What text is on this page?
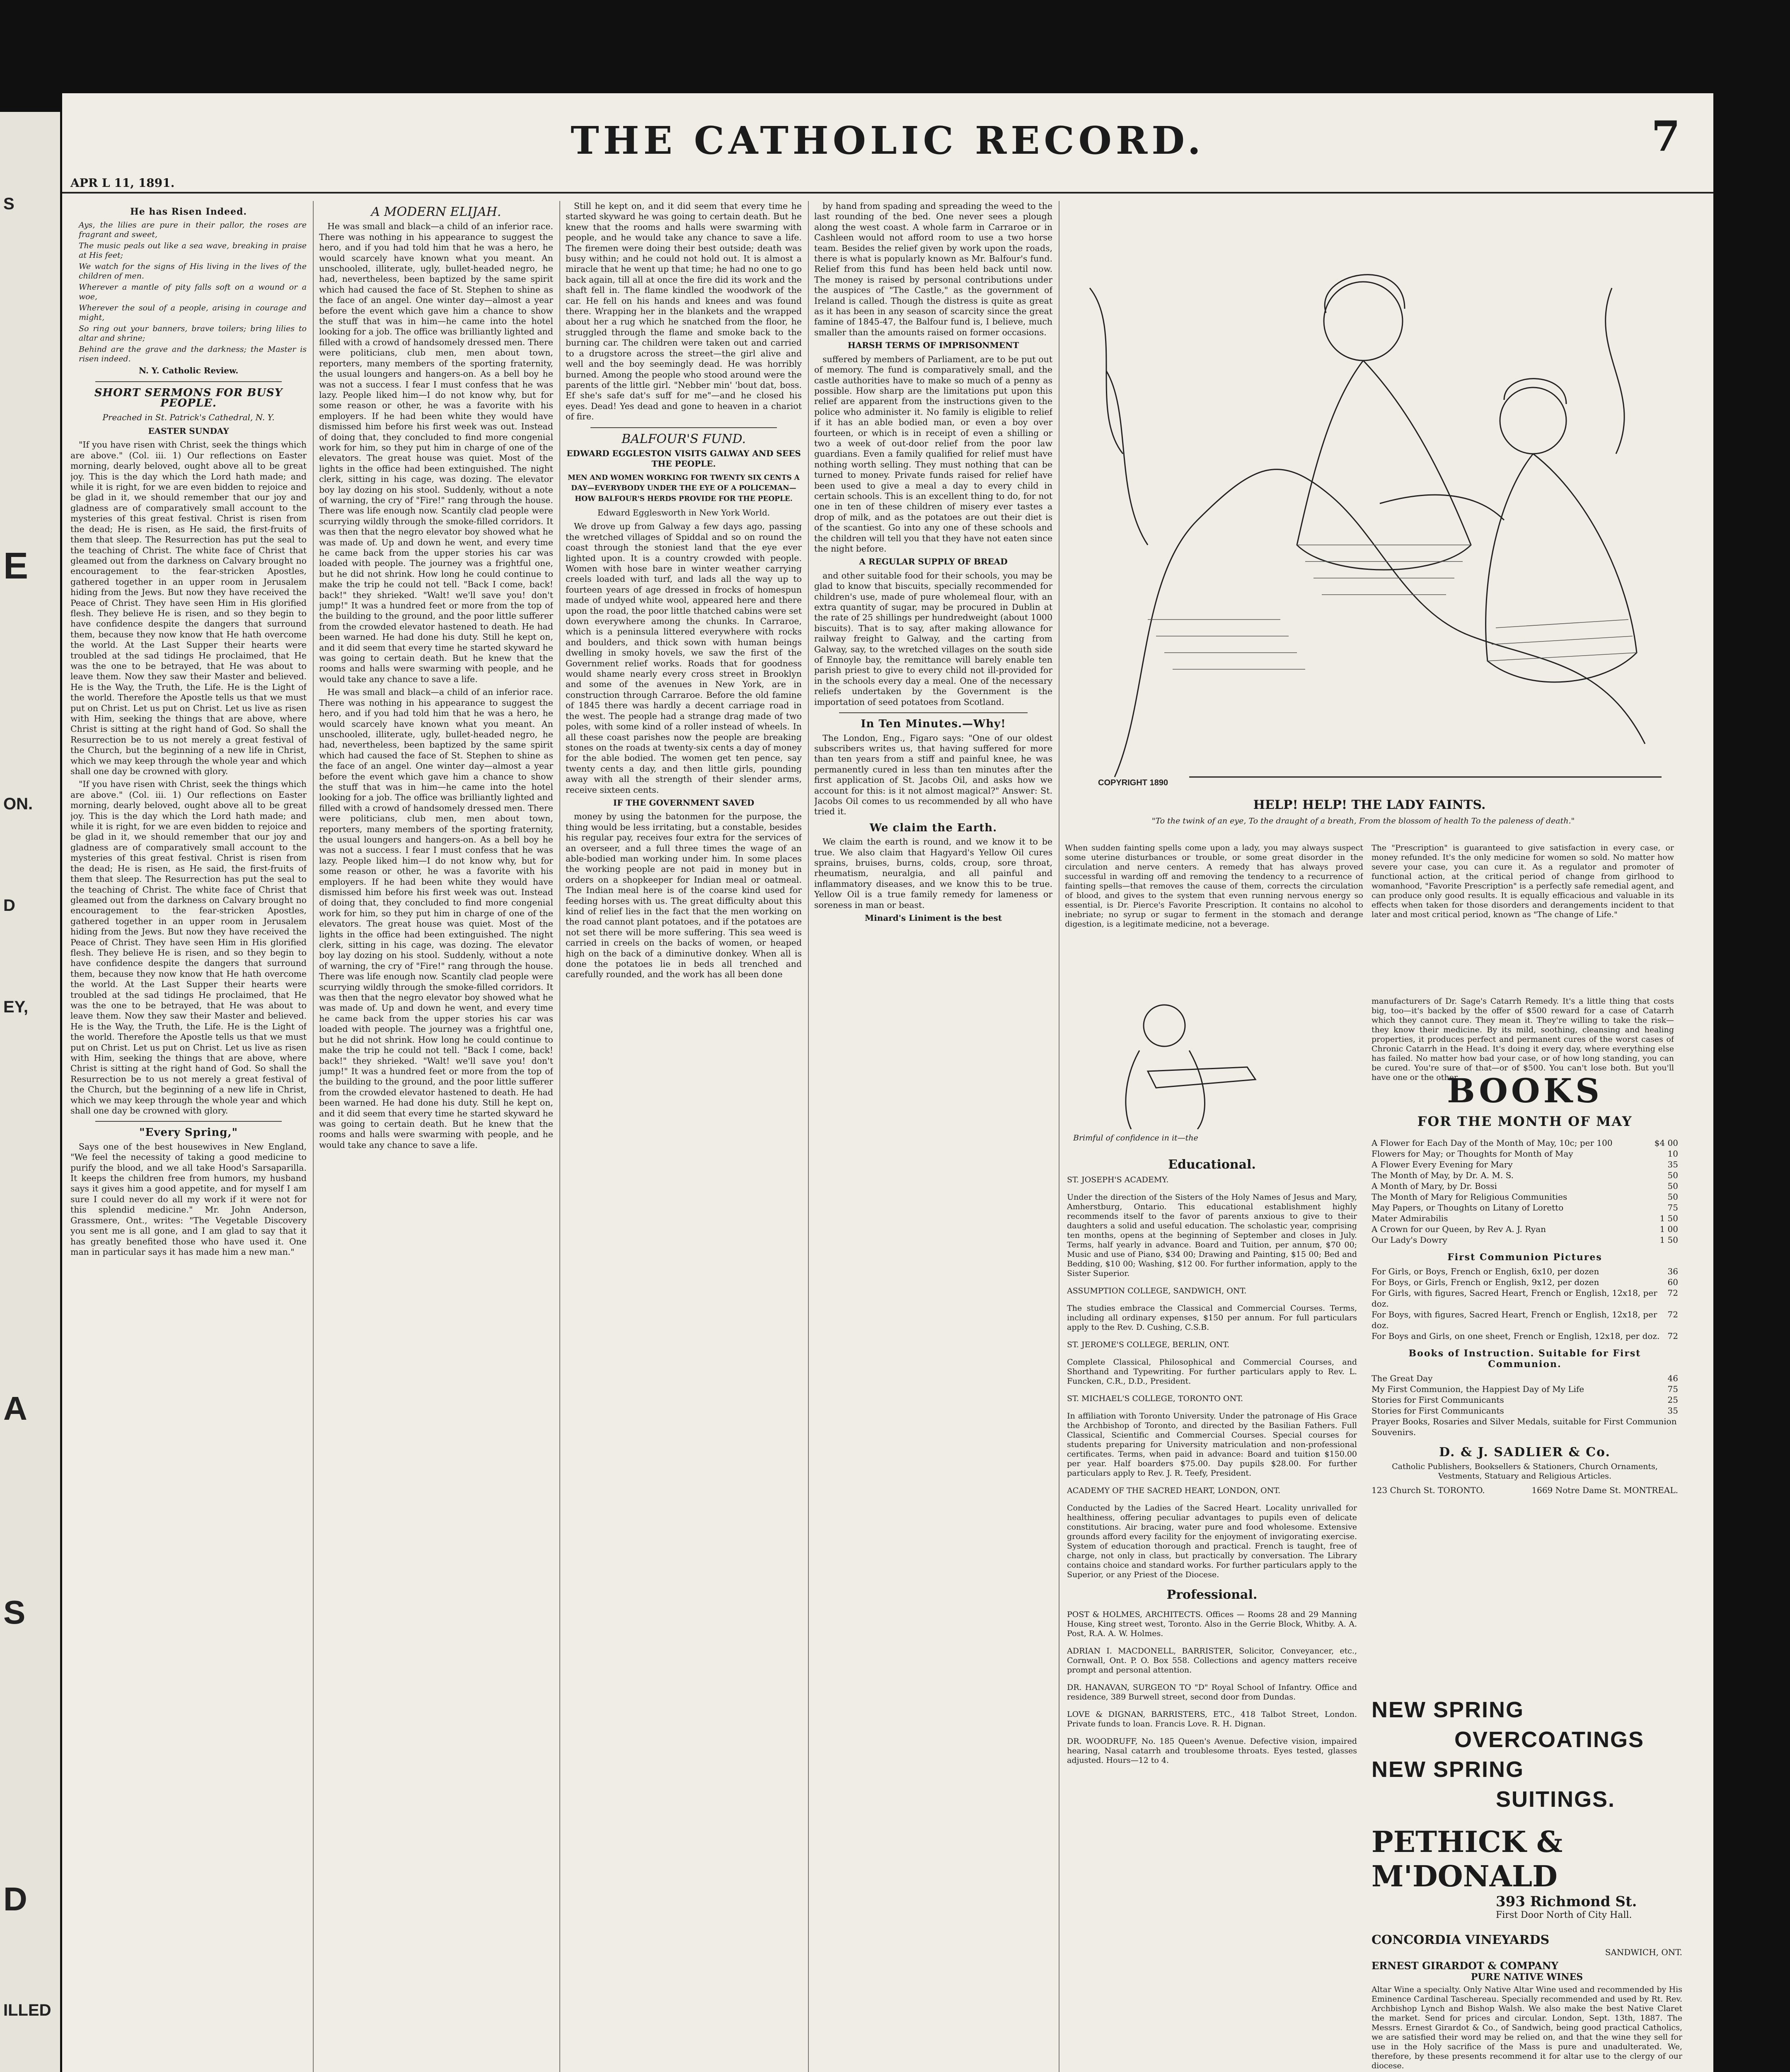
APR L 11, 1891.
THE CATHOLIC RECORD.	7
He has Risen Indeed.
Ays, the lilies are pure in their pallor, the roses are fragrant and sweet,
The music peals out like a sea wave, breaking in praise at His feet;
We watch for the signs of His living in the lives of the children of men.
Wherever a mantle of pity falls soft on a wound or a woe,
Wherever the soul of a people, arising in courage and might,
So ring out your banners, brave toilers; bring lilies to altar and shrine;
Behind are the grave and the darkness; the Master is risen indeed.
N. Y. Catholic Review.
SHORT SERMONS FOR BUSY PEOPLE.
Preached in St. Patrick's Cathedral, N. Y.
EASTER SUNDAY

"If you have risen with Christ, seek the things which are above." (Col. iii. 1) Our reflections on Easter morning, dearly beloved, ought above all to be great joy. This is the day which the Lord hath made; and while it is right, for we are even bidden to rejoice and be glad in it, we should remember that our joy and gladness are of comparatively small account to the mysteries of this great festival. Christ is risen from the dead; He is risen, as He said, the first-fruits of them that sleep. The Resurrection has put the seal to the teaching of Christ. The white face of Christ that gleamed out from the darkness on Calvary brought no encouragement to the fear-stricken Apostles, gathered together in an upper room in Jerusalem hiding from the Jews. But now they have received the Peace of Christ. They have seen Him in His glorified flesh. They believe He is risen, and so they begin to have confidence despite the dangers that surround them, because they now know that He hath overcome the world. At the Last Supper their hearts were troubled at the sad tidings He proclaimed, that He was the one to be betrayed, that He was about to leave them. Now they saw their Master and believed. He is the Way, the Truth, the Life. He is the Light of the world. Therefore the Apostle tells us that we must put on Christ. Let us put on Christ. Let us live as risen with Him, seeking the things that are above, where Christ is sitting at the right hand of God. So shall the Resurrection be to us not merely a great festival of the Church, but the beginning of a new life in Christ, which we may keep through the whole year and which shall one day be crowned with glory.

"If you have risen with Christ, seek the things which are above." (Col. iii. 1) Our reflections on Easter morning, dearly beloved, ought above all to be great joy. This is the day which the Lord hath made; and while it is right, for we are even bidden to rejoice and be glad in it, we should remember that our joy and gladness are of comparatively small account to the mysteries of this great festival. Christ is risen from the dead; He is risen, as He said, the first-fruits of them that sleep. The Resurrection has put the seal to the teaching of Christ. The white face of Christ that gleamed out from the darkness on Calvary brought no encouragement to the fear-stricken Apostles, gathered together in an upper room in Jerusalem hiding from the Jews. But now they have received the Peace of Christ. They have seen Him in His glorified flesh. They believe He is risen, and so they begin to have confidence despite the dangers that surround them, because they now know that He hath overcome the world. At the Last Supper their hearts were troubled at the sad tidings He proclaimed, that He was the one to be betrayed, that He was about to leave them. Now they saw their Master and believed. He is the Way, the Truth, the Life. He is the Light of the world. Therefore the Apostle tells us that we must put on Christ. Let us put on Christ. Let us live as risen with Him, seeking the things that are above, where Christ is sitting at the right hand of God. So shall the Resurrection be to us not merely a great festival of the Church, but the beginning of a new life in Christ, which we may keep through the whole year and which shall one day be crowned with glory.

"Every Spring,"

Says one of the best housewives in New England, "We feel the necessity of taking a good medicine to purify the blood, and we all take Hood's Sarsaparilla. It keeps the children free from humors, my husband says it gives him a good appetite, and for myself I am sure I could never do all my work if it were not for this splendid medicine." Mr. John Anderson, Grassmere, Ont., writes: "The Vegetable Discovery you sent me is all gone, and I am glad to say that it has greatly benefited those who have used it. One man in particular says it has made him a new man."

A MODERN ELIJAH.

He was small and black—a child of an inferior race. There was nothing in his appearance to suggest the hero, and if you had told him that he was a hero, he would scarcely have known what you meant. An unschooled, illiterate, ugly, bullet-headed negro, he had, nevertheless, been baptized by the same spirit which had caused the face of St. Stephen to shine as the face of an angel. One winter day—almost a year before the event which gave him a chance to show the stuff that was in him—he came into the hotel looking for a job. The office was brilliantly lighted and filled with a crowd of handsomely dressed men. There were politicians, club men, men about town, reporters, many members of the sporting fraternity, the usual loungers and hangers-on. As a bell boy he was not a success. I fear I must confess that he was lazy. People liked him—I do not know why, but for some reason or other, he was a favorite with his employers. If he had been white they would have dismissed him before his first week was out. Instead of doing that, they concluded to find more congenial work for him, so they put him in charge of one of the elevators. The great house was quiet. Most of the lights in the office had been extinguished. The night clerk, sitting in his cage, was dozing. The elevator boy lay dozing on his stool. Suddenly, without a note of warning, the cry of "Fire!" rang through the house. There was life enough now. Scantily clad people were scurrying wildly through the smoke-filled corridors. It was then that the negro elevator boy showed what he was made of. Up and down he went, and every time he came back from the upper stories his car was loaded with people. The journey was a frightful one, but he did not shrink. How long he could continue to make the trip he could not tell. "Back I come, back! back!" they shrieked. "Walt! we'll save you! don't jump!" It was a hundred feet or more from the top of the building to the ground, and the poor little sufferer from the crowded elevator hastened to death. He had been warned. He had done his duty. Still he kept on, and it did seem that every time he started skyward he was going to certain death. But he knew that the rooms and halls were swarming with people, and he would take any chance to save a life.

He was small and black—a child of an inferior race. There was nothing in his appearance to suggest the hero, and if you had told him that he was a hero, he would scarcely have known what you meant. An unschooled, illiterate, ugly, bullet-headed negro, he had, nevertheless, been baptized by the same spirit which had caused the face of St. Stephen to shine as the face of an angel. One winter day—almost a year before the event which gave him a chance to show the stuff that was in him—he came into the hotel looking for a job. The office was brilliantly lighted and filled with a crowd of handsomely dressed men. There were politicians, club men, men about town, reporters, many members of the sporting fraternity, the usual loungers and hangers-on. As a bell boy he was not a success. I fear I must confess that he was lazy. People liked him—I do not know why, but for some reason or other, he was a favorite with his employers. If he had been white they would have dismissed him before his first week was out. Instead of doing that, they concluded to find more congenial work for him, so they put him in charge of one of the elevators. The great house was quiet. Most of the lights in the office had been extinguished. The night clerk, sitting in his cage, was dozing. The elevator boy lay dozing on his stool. Suddenly, without a note of warning, the cry of "Fire!" rang through the house. There was life enough now. Scantily clad people were scurrying wildly through the smoke-filled corridors. It was then that the negro elevator boy showed what he was made of. Up and down he went, and every time he came back from the upper stories his car was loaded with people. The journey was a frightful one, but he did not shrink. How long he could continue to make the trip he could not tell. "Back I come, back! back!" they shrieked. "Walt! we'll save you! don't jump!" It was a hundred feet or more from the top of the building to the ground, and the poor little sufferer from the crowded elevator hastened to death. He had been warned. He had done his duty. Still he kept on, and it did seem that every time he started skyward he was going to certain death. But he knew that the rooms and halls were swarming with people, and he would take any chance to save a life.

Still he kept on, and it did seem that every time he started skyward he was going to certain death. But he knew that the rooms and halls were swarming with people, and he would take any chance to save a life. The firemen were doing their best outside; death was busy within; and he could not hold out. It is almost a miracle that he went up that time; he had no one to go back again, till all at once the fire did its work and the shaft fell in. The flame kindled the woodwork of the car. He fell on his hands and knees and was found there. Wrapping her in the blankets and the wrapped about her a rug which he snatched from the floor, he struggled through the flame and smoke back to the burning car. The children were taken out and carried to a drugstore across the street—the girl alive and well and the boy seemingly dead. He was horribly burned. Among the people who stood around were the parents of the little girl. "Nebber min' 'bout dat, boss. Ef she's safe dat's suff for me"—and he closed his eyes. Dead! Yes dead and gone to heaven in a chariot of fire.

BALFOUR'S FUND.
EDWARD EGGLESTON VISITS GALWAY AND SEES THE PEOPLE.
MEN AND WOMEN WORKING FOR TWENTY SIX CENTS A DAY—EVERYBODY UNDER THE EYE OF A POLICEMAN—HOW BALFOUR'S HERDS PROVIDE FOR THE PEOPLE.
Edward Egglesworth in New York World.

We drove up from Galway a few days ago, passing the wretched villages of Spiddal and so on round the coast through the stoniest land that the eye ever lighted upon. It is a country crowded with people. Women with hose bare in winter weather carrying creels loaded with turf, and lads all the way up to fourteen years of age dressed in frocks of homespun made of undyed white wool, appeared here and there upon the road, the poor little thatched cabins were set down everywhere among the chunks. In Carraroe, which is a peninsula littered everywhere with rocks and boulders, and thick sown with human beings dwelling in smoky hovels, we saw the first of the Government relief works. Roads that for goodness would shame nearly every cross street in Brooklyn and some of the avenues in New York, are in construction through Carraroe. Before the old famine of 1845 there was hardly a decent carriage road in the west. The people had a strange drag made of two poles, with some kind of a roller instead of wheels. In all these coast parishes now the people are breaking stones on the roads at twenty-six cents a day of money for the able bodied. The women get ten pence, say twenty cents a day, and then little girls, pounding away with all the strength of their slender arms, receive sixteen cents.

IF THE GOVERNMENT SAVED

money by using the batonmen for the purpose, the thing would be less irritating, but a constable, besides his regular pay, receives four extra for the services of an overseer, and a full three times the wage of an able-bodied man working under him. In some places the working people are not paid in money but in orders on a shopkeeper for Indian meal or oatmeal. The Indian meal here is of the coarse kind used for feeding horses with us. The great difficulty about this kind of relief lies in the fact that the men working on the road cannot plant potatoes, and if the potatoes are not set there will be more suffering. This sea weed is carried in creels on the backs of women, or heaped high on the back of a diminutive donkey. When all is done the potatoes lie in beds all trenched and carefully rounded, and the work has all been done

by hand from spading and spreading the weed to the last rounding of the bed. One never sees a plough along the west coast. A whole farm in Carraroe or in Cashleen would not afford room to use a two horse team. Besides the relief given by work upon the roads, there is what is popularly known as Mr. Balfour's fund. Relief from this fund has been held back until now. The money is raised by personal contributions under the auspices of "The Castle," as the government of Ireland is called. Though the distress is quite as great as it has been in any season of scarcity since the great famine of 1845-47, the Balfour fund is, I believe, much smaller than the amounts raised on former occasions.

HARSH TERMS OF IMPRISONMENT

suffered by members of Parliament, are to be put out of memory. The fund is comparatively small, and the castle authorities have to make so much of a penny as possible. How sharp are the limitations put upon this relief are apparent from the instructions given to the police who administer it. No family is eligible to relief if it has an able bodied man, or even a boy over fourteen, or which is in receipt of even a shilling or two a week of out-door relief from the poor law guardians. Even a family qualified for relief must have nothing worth selling. They must nothing that can be turned to money. Private funds raised for relief have been used to give a meal a day to every child in certain schools. This is an excellent thing to do, for not one in ten of these children of misery ever tastes a drop of milk, and as the potatoes are out their diet is of the scantiest. Go into any one of these schools and the children will tell you that they have not eaten since the night before.

A REGULAR SUPPLY OF BREAD

and other suitable food for their schools, you may be glad to know that biscuits, specially recommended for children's use, made of pure wholemeal flour, with an extra quantity of sugar, may be procured in Dublin at the rate of 25 shillings per hundredweight (about 1000 biscuits). That is to say, after making allowance for railway freight to Galway, and the carting from Galway, say, to the wretched villages on the south side of Ennoyle bay, the remittance will barely enable ten parish priest to give to every child not ill-provided for in the schools every day a meal. One of the necessary reliefs undertaken by the Government is the importation of seed potatoes from Scotland.

In Ten Minutes.—Why!

The London, Eng., Figaro says: "One of our oldest subscribers writes us, that having suffered for more than ten years from a stiff and painful knee, he was permanently cured in less than ten minutes after the first application of St. Jacobs Oil, and asks how we account for this: is it not almost magical?" Answer: St. Jacobs Oil comes to us recommended by all who have tried it.

We claim the Earth.

We claim the earth is round, and we know it to be true. We also claim that Hagyard's Yellow Oil cures sprains, bruises, burns, colds, croup, sore throat, rheumatism, neuralgia, and all painful and inflammatory diseases, and we know this to be true. Yellow Oil is a true family remedy for lameness or soreness in man or beast.

Minard's Liniment is the best
COPYRIGHT 1890
HELP! HELP! THE LADY FAINTS.
"To the twink of an eye, To the draught of a breath, From the blossom of health To the paleness of death."
When sudden fainting spells come upon a lady, you may always suspect some uterine disturbances or trouble, or some great disorder in the circulation and nerve centers. A remedy that has always proved successful in warding off and removing the tendency to a recurrence of fainting spells—that removes the cause of them, corrects the circulation of blood, and gives to the system that even running nervous energy so essential, is Dr. Pierce's Favorite Prescription. It contains no alcohol to inebriate; no syrup or sugar to ferment in the stomach and derange digestion, is a legitimate medicine, not a beverage.
The "Prescription" is guaranteed to give satisfaction in every case, or money refunded. It's the only medicine for women so sold. No matter how severe your case, you can cure it. As a regulator and promoter of functional action, at the critical period of change from girlhood to womanhood, "Favorite Prescription" is a perfectly safe remedial agent, and can produce only good results. It is equally efficacious and valuable in its effects when taken for those disorders and derangements incident to that later and most critical period, known as "The change of Life."
Brimful of confidence in it—the
manufacturers of Dr. Sage's Catarrh Remedy. It's a little thing that costs big, too—it's backed by the offer of $500 reward for a case of Catarrh which they cannot cure. They mean it. They're willing to take the risk—they know their medicine. By its mild, soothing, cleansing and healing properties, it produces perfect and permanent cures of the worst cases of Chronic Catarrh in the Head. It's doing it every day, where everything else has failed. No matter how bad your case, or of how long standing, you can be cured. You're sure of that—or of $500. You can't lose both. But you'll have one or the other.
Educational.
ST. JOSEPH'S ACADEMY.

Under the direction of the Sisters of the Holy Names of Jesus and Mary, Amherstburg, Ontario. This educational establishment highly recommends itself to the favor of parents anxious to give to their daughters a solid and useful education. The scholastic year, comprising ten months, opens at the beginning of September and closes in July. Terms, half yearly in advance. Board and Tuition, per annum, $70 00; Music and use of Piano, $34 00; Drawing and Painting, $15 00; Bed and Bedding, $10 00; Washing, $12 00. For further information, apply to the Sister Superior.

ASSUMPTION COLLEGE, SANDWICH, ONT.

The studies embrace the Classical and Commercial Courses. Terms, including all ordinary expenses, $150 per annum. For full particulars apply to the Rev. D. Cushing, C.S.B.

ST. JEROME'S COLLEGE, BERLIN, ONT.

Complete Classical, Philosophical and Commercial Courses, and Shorthand and Typewriting. For further particulars apply to Rev. L. Funcken, C.R., D.D., President.

ST. MICHAEL'S COLLEGE, TORONTO ONT.

In affiliation with Toronto University. Under the patronage of His Grace the Archbishop of Toronto, and directed by the Basilian Fathers. Full Classical, Scientific and Commercial Courses. Special courses for students preparing for University matriculation and non-professional certificates. Terms, when paid in advance: Board and tuition $150.00 per year. Half boarders $75.00. Day pupils $28.00. For further particulars apply to Rev. J. R. Teefy, President.

ACADEMY OF THE SACRED HEART, LONDON, ONT.

Conducted by the Ladies of the Sacred Heart. Locality unrivalled for healthiness, offering peculiar advantages to pupils even of delicate constitutions. Air bracing, water pure and food wholesome. Extensive grounds afford every facility for the enjoyment of invigorating exercise. System of education thorough and practical. French is taught, free of charge, not only in class, but practically by conversation. The Library contains choice and standard works. For further particulars apply to the Superior, or any Priest of the Diocese.

Professional.

POST & HOLMES, ARCHITECTS. Offices — Rooms 28 and 29 Manning House, King street west, Toronto. Also in the Gerrie Block, Whitby. A. A. Post, R.A. A. W. Holmes.

ADRIAN I. MACDONELL, BARRISTER, Solicitor, Conveyancer, etc., Cornwall, Ont. P. O. Box 558. Collections and agency matters receive prompt and personal attention.

DR. HANAVAN, SURGEON TO "D" Royal School of Infantry. Office and residence, 389 Burwell street, second door from Dundas.

LOVE & DIGNAN, BARRISTERS, ETC., 418 Talbot Street, London. Private funds to loan. Francis Love. R. H. Dignan.

DR. WOODRUFF, No. 185 Queen's Avenue. Defective vision, impaired hearing, Nasal catarrh and troublesome throats. Eyes tested, glasses adjusted. Hours—12 to 4.

BOOKS
FOR THE MONTH OF MAY
A Flower for Each Day of the Month of May, 10c; per 100	$4 00
Flowers for May; or Thoughts for Month of May	10
A Flower Every Evening for Mary	35
The Month of May, by Dr. A. M. S.	50
A Month of Mary, by Dr. Bossi	50
The Month of Mary for Religious Communities	50
May Papers, or Thoughts on Litany of Loretto	75
Mater Admirabilis	1 50
A Crown for our Queen, by Rev A. J. Ryan	1 00
Our Lady's Dowry	1 50
First Communion Pictures
For Girls, or Boys, French or English, 6x10, per dozen	36
For Boys, or Girls, French or English, 9x12, per dozen	60
For Girls, with figures, Sacred Heart, French or English, 12x18, per doz.
72
For Boys, with figures, Sacred Heart, French or English, 12x18, per doz.
72
For Boys and Girls, on one sheet, French or English, 12x18, per doz. 72
Books of Instruction. Suitable for First Communion.
The Great Day	46
My First Communion, the Happiest Day of My Life	75
Stories for First Communicants	25
Stories for First Communicants	35
Prayer Books, Rosaries and Silver Medals, suitable for First Communion Souvenirs.
D. & J. SADLIER & Co.
Catholic Publishers, Booksellers & Stationers, Church Ornaments, Vestments, Statuary and Religious Articles.
123 Church St. TORONTO.	1669 Notre Dame St. MONTREAL.
NEW SPRING
OVERCOATINGS
NEW SPRING
SUITINGS.
PETHICK & M'DONALD
393 Richmond St.
First Door North of City Hall.
CONCORDIA VINEYARDS
SANDWICH, ONT.
ERNEST GIRARDOT & COMPANY
PURE NATIVE WINES
Altar Wine a specialty. Only Native Altar Wine used and recommended by His Eminence Cardinal Taschereau. Specially recommended and used by Rt. Rev. Archbishop Lynch and Bishop Walsh. We also make the best Native Claret the market. Send for prices and circular. London, Sept. 13th, 1887. The Messrs. Ernest Girardot & Co., of Sandwich, being good practical Catholics, we are satisfied their word may be relied on, and that the wine they sell for use in the Holy sacrifice of the Mass is pure and unadulterated. We, therefore, by these presents recommend it for altar use to the clergy of our diocese.
S
E
ON.
D
EY,
A
S
D
ILLED
